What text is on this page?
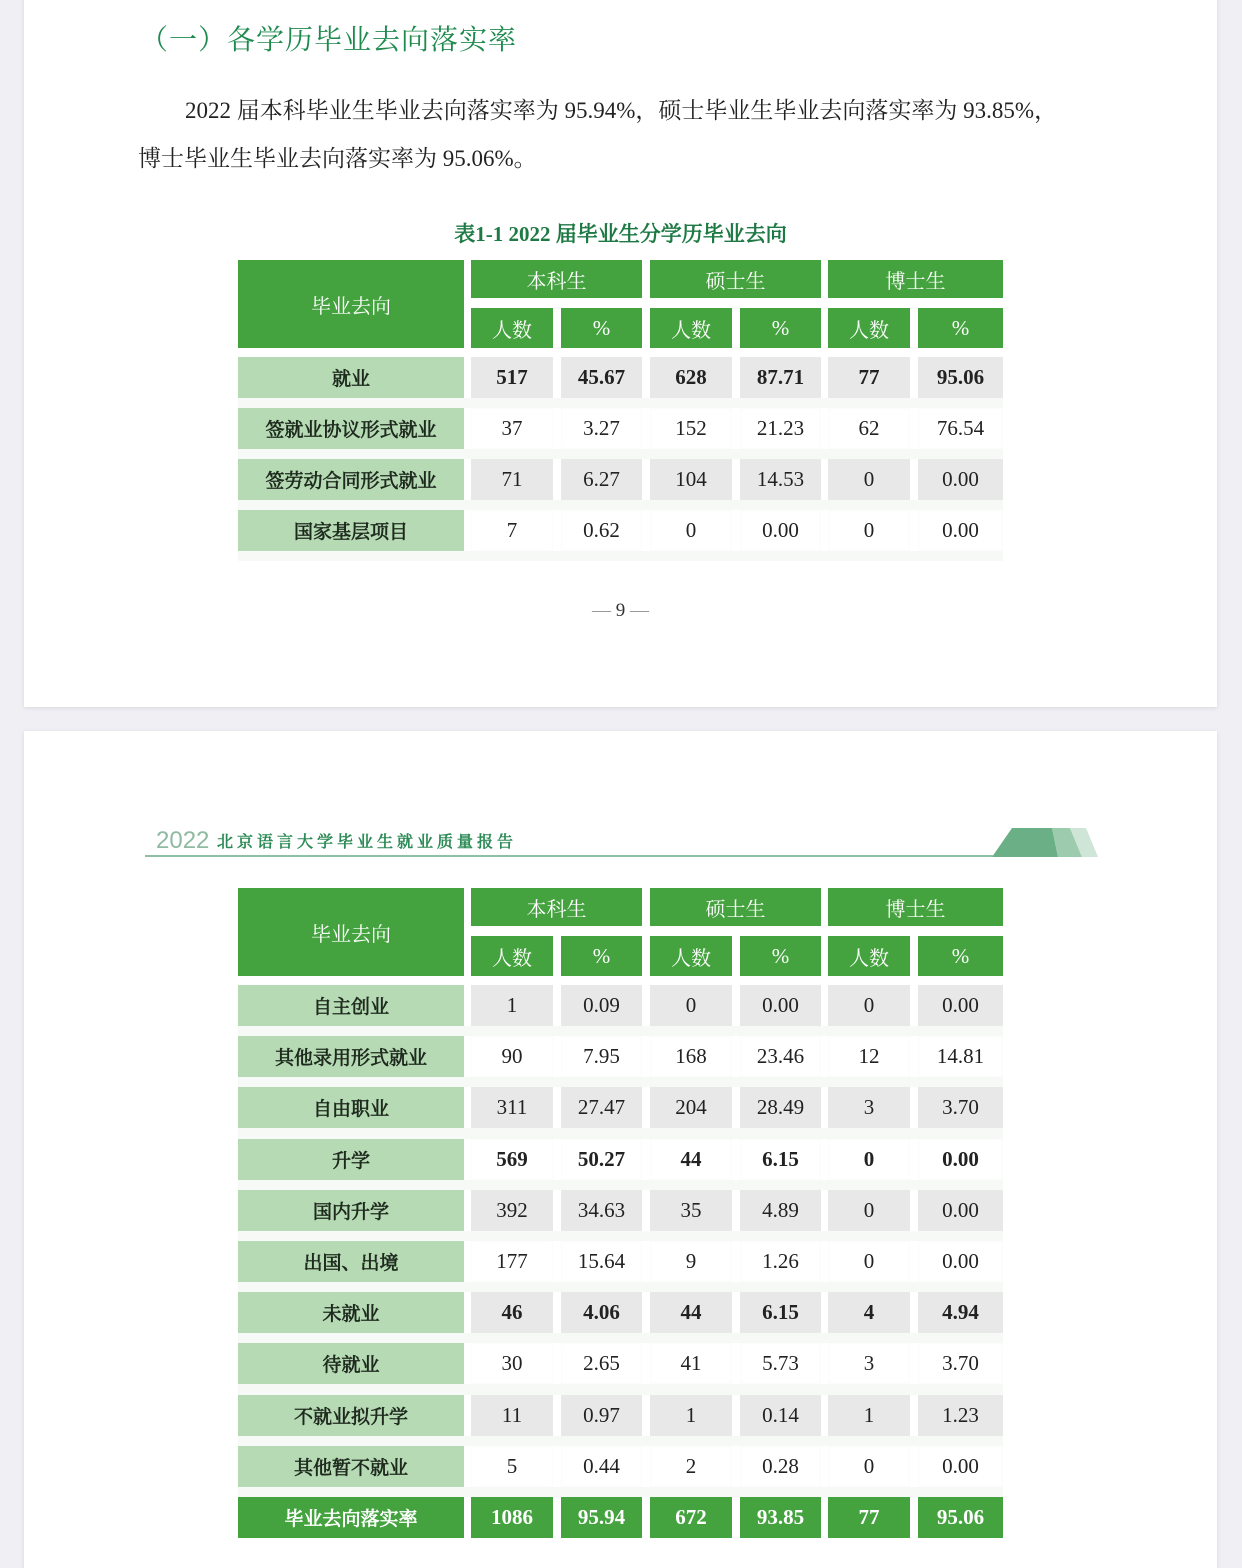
（一）各学历毕业去向落实率
2022 届本科毕业生毕业去向落实率为 95.94%，硕士毕业生毕业去向落实率为 93.85%，
博士毕业生毕业去向落实率为 95.06%。
表1-1 2022 届毕业生分学历毕业去向
毕业去向
本科生	硕士生	博士生
人数	%	人数	%	人数	%
就业	517	45.67	628	87.71	77	95.06
签就业协议形式就业	37	3.27	152	21.23	62	76.54
签劳动合同形式就业	71	6.27	104	14.53	0	0.00
国家基层项目	7	0.62	0	0.00	0	0.00
— 9 —
2022 北京语言大学毕业生就业质量报告
毕业去向
本科生	硕士生	博士生
人数	%	人数	%	人数	%
自主创业	1	0.09	0	0.00	0	0.00
其他录用形式就业	90	7.95	168	23.46	12	14.81
自由职业	311	27.47	204	28.49	3	3.70
升学	569	50.27	44	6.15	0	0.00
国内升学	392	34.63	35	4.89	0	0.00
出国、出境	177	15.64	9	1.26	0	0.00
未就业	46	4.06	44	6.15	4	4.94
待就业	30	2.65	41	5.73	3	3.70
不就业拟升学	11	0.97	1	0.14	1	1.23
其他暂不就业	5	0.44	2	0.28	0	0.00
毕业去向落实率	1086	95.94	672	93.85	77	95.06
